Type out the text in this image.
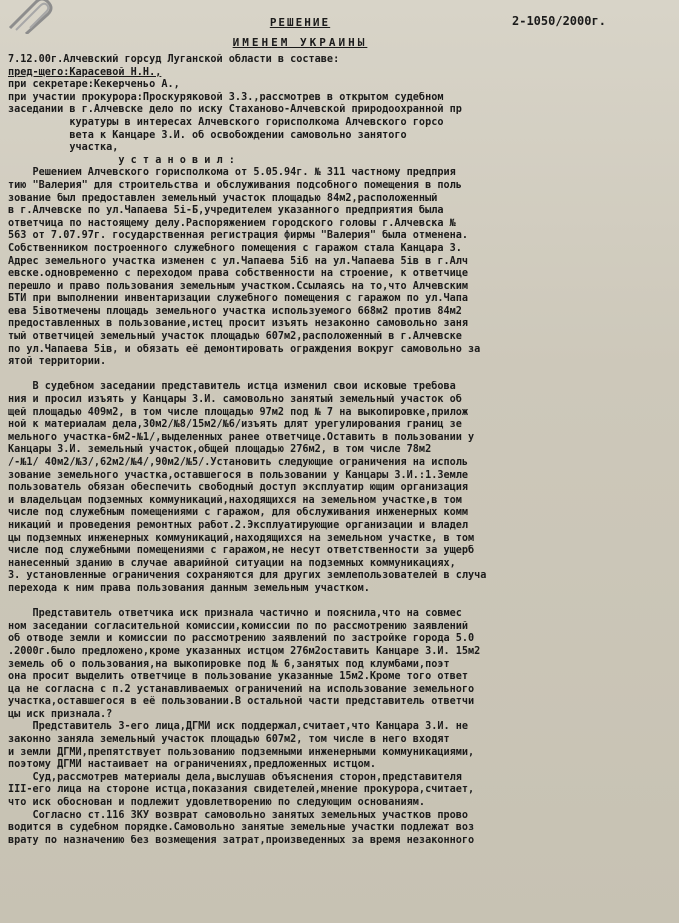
РЕШЕНИЕ
ИМЕНЕМ УКРАИНЫ
2-1050/2000г.
7.12.00г.Алчевский горсуд Луганской области в составе:
пред-щего:Карасевой Н.Н.,
при секретаре:Кекерченьо А.,
при участии прокурора:Проскуряковой З.З.,рассмотрев в открытом судебном
заседании в г.Алчевске дело по иску Стаханово-Алчевской природоохранной пр
куратуры в интересах Алчевского горисполкома Алчевского горсо
вета к Канцаре З.И. об освобождении самовольно занятого
участка,
у с т а н о в и л :
Решением Алчевского горисполкома от 5.05.94г. № 311 частному предприя
тию "Валерия" для строительства и обслуживания подсобного помещения в поль
зование был предоставлен земельный участок площадью 84м2,расположенный
в г.Алчевске по ул.Чапаева 5і-Б,учредителем указанного предприятия была
ответчица по настоящему делу.Распоряжением городского головы г.Алчевска №
563 от 7.07.97г. государственная регистрация фирмы "Валерия" была отменена.
Собственником построенного служебного помещения с гаражом стала Канцара З.
Адрес земельного участка изменен с ул.Чапаева 5іб на ул.Чапаева 5ів в г.Алч
евске.одновременно с переходом права собственности на строение, к ответчице
перешло и право пользования земельным участком.Ссылаясь на то,что Алчевским
БТИ при выполнении инвентаризации служебного помещения с гаражом по ул.Чапа
ева 5івотмечены площадь земельного участка используемого 668м2 против 84м2
предоставленных в пользование,истец просит изъять незаконно самовольно заня
тый ответчицей земельный участок площадью 607м2,расположенный в г.Алчевске
по ул.Чапаева 5ів, и обязать её демонтировать ограждения вокруг самовольно за
ятой территории.
В судебном заседании представитель истца изменил свои исковые требова
ния и просил изъять у Канцары З.И. самовольно занятый земельный участок об
щей площадью 409м2, в том числе площадью 97м2 под № 7 на выкопировке,прилож
ной к материалам дела,30м2/№8/15м2/№6/изъять длят урегулирования границ зе
мельного участка-6м2-№1/,выделенных ранее ответчице.Оставить в пользовании у
Канцары З.И. земельный участок,общей площадью 276м2, в том числе 78м2
/-№1/ 40м2/№3/,62м2/№4/,90м2/№5/.Установить следующие ограничения на исполь
зование земельного участка,оставшегося в пользовании у Канцары З.И.:1.Земле
пользователь обязан обеспечить свободный доступ эксплуатир ющим организация
и владельцам подземных коммуникаций,находящихся на земельном участке,в том
числе под служебным помещениями с гаражом, для обслуживания инженерных комм
никаций и проведения ремонтных работ.2.Эксплуатирующие организации и владел
цы подземных инженерных коммуникаций,находящихся на земельном участке, в том
числе под служебными помещениями с гаражом,не несут ответственности за ущерб
нанесенный зданию в случае аварийной ситуации на подземных коммуникациях,
3. установленные ограничения сохраняются для других землепользователей в случа
перехода к ним права пользования данным земельным участком.
Представитель ответчика иск признала частично и пояснила,что на совмес
ном заседании согласительной комиссии,комиссии по по рассмотрению заявлений
об отводе земли и комиссии по рассмотрению заявлений по застройке города 5.0
.2000г.было предложено,кроме указанных истцом 276м2оставить Канцаре З.И. 15м2
земель об о пользования,на выкопировке под № 6,занятых под клумбами,поэт
она просит выделить ответчице в пользование указанные 15м2.Кроме того ответ
ца не согласна с п.2 устанавливаемых ограничений на использование земельного
участка,оставшегося в её пользовании.В остальной части представитель ответчи
цы иск признала.?
Представитель 3-его лица,ДГМИ иск поддержал,считает,что Канцара З.И. не
законно заняла земельный участок площадью 607м2, том числе в него входят
и земли ДГМИ,препятствует пользованию подземными инженерными коммуникациями,
поэтому ДГМИ настаивает на ограничениях,предложенных истцом.
Суд,рассмотрев материалы дела,выслушав объяснения сторон,представителя
III-его лица на стороне истца,показания свидетелей,мнение прокурора,считает,
что иск обоснован и подлежит удовлетворению по следующим основаниям.
Согласно ст.116 ЗКУ возврат самовольно занятых земельных участков прово
водится в судебном порядке.Самовольно занятые земельные участки подлежат воз
врату по назначению без возмещения затрат,произведенных за время незаконного
